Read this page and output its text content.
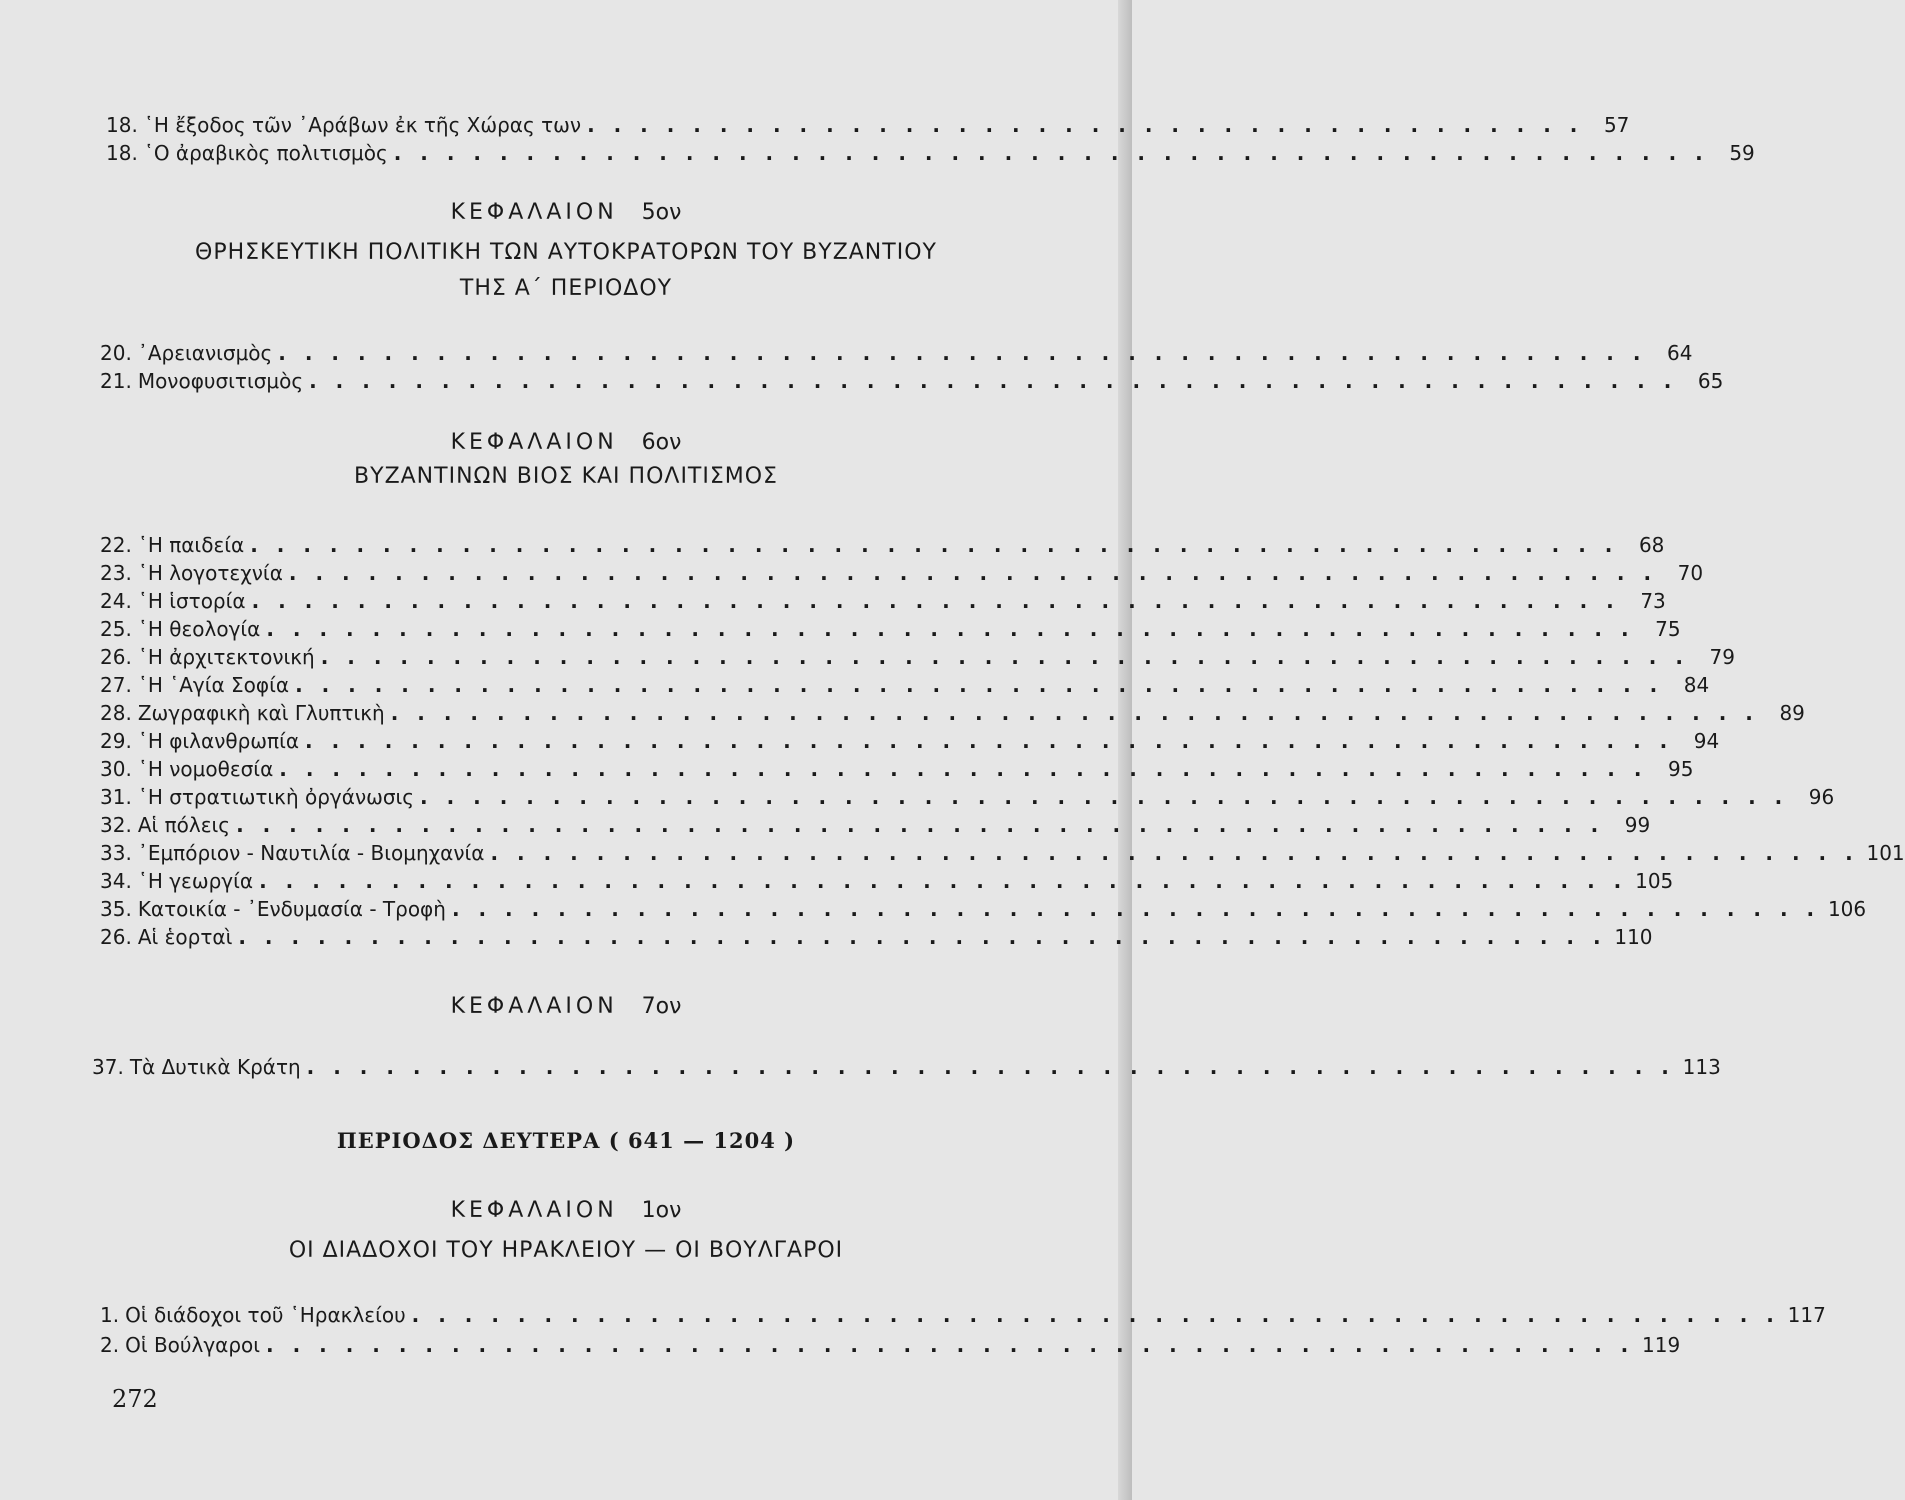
18. ῾Η ἔξοδος τῶν ᾽Αράβων ἐκ τῆς Χώρας των . . . . . . . . . . . . . . . . . . . . . . . . . . . . . . . . . . . . . .	57
18. ῾Ο ἀραβικὸς πολιτισμὸς . . . . . . . . . . . . . . . . . . . . . . . . . . . . . . . . . . . . . . . . . . . . . . . . . .	59
ΚΕΦΑΛΑΙΟΝ 5ον
ΘΡΗΣΚΕΥΤΙΚΗ ΠΟΛΙΤΙΚΗ ΤΩΝ ΑΥΤΟΚΡΑΤΟΡΩΝ ΤΟΥ ΒΥΖΑΝΤΙΟΥ
ΤΗΣ Α΄ ΠΕΡΙΟΔΟΥ
20. ᾽Αρειανισμὸς . . . . . . . . . . . . . . . . . . . . . . . . . . . . . . . . . . . . . . . . . . . . . . . . . . . .	64
21. Μονοφυσιτισμὸς . . . . . . . . . . . . . . . . . . . . . . . . . . . . . . . . . . . . . . . . . . . . . . . . . . . .	65
ΚΕΦΑΛΑΙΟΝ 6ον
ΒΥΖΑΝΤΙΝΩΝ ΒΙΟΣ ΚΑΙ ΠΟΛΙΤΙΣΜΟΣ
22. ῾Η παιδεία . . . . . . . . . . . . . . . . . . . . . . . . . . . . . . . . . . . . . . . . . . . . . . . . . . . .	68
23. ῾Η λογοτεχνία . . . . . . . . . . . . . . . . . . . . . . . . . . . . . . . . . . . . . . . . . . . . . . . . . . . .	70
24. ῾Η ἱστορία . . . . . . . . . . . . . . . . . . . . . . . . . . . . . . . . . . . . . . . . . . . . . . . . . . . .	73
25. ῾Η θεολογία . . . . . . . . . . . . . . . . . . . . . . . . . . . . . . . . . . . . . . . . . . . . . . . . . . . .	75
26. ῾Η ἀρχιτεκτονική . . . . . . . . . . . . . . . . . . . . . . . . . . . . . . . . . . . . . . . . . . . . . . . . . . . .	79
27. ῾Η ῾Αγία Σοφία . . . . . . . . . . . . . . . . . . . . . . . . . . . . . . . . . . . . . . . . . . . . . . . . . . . .	84
28. Ζωγραφικὴ καὶ Γλυπτικὴ . . . . . . . . . . . . . . . . . . . . . . . . . . . . . . . . . . . . . . . . . . . . . . . . . . . .	89
29. ῾Η φιλανθρωπία . . . . . . . . . . . . . . . . . . . . . . . . . . . . . . . . . . . . . . . . . . . . . . . . . . . .	94
30. ῾Η νομοθεσία . . . . . . . . . . . . . . . . . . . . . . . . . . . . . . . . . . . . . . . . . . . . . . . . . . . .	95
31. ῾Η στρατιωτικὴ ὀργάνωσις . . . . . . . . . . . . . . . . . . . . . . . . . . . . . . . . . . . . . . . . . . . . . . . . . . . .	96
32. Αἱ πόλεις . . . . . . . . . . . . . . . . . . . . . . . . . . . . . . . . . . . . . . . . . . . . . . . . . . . .	99
33. ᾽Εμπόριον - Ναυτιλία - Βιομηχανία . . . . . . . . . . . . . . . . . . . . . . . . . . . . . . . . . . . . . . . . . . . . . . . . . . . . 101
34. ῾Η γεωργία . . . . . . . . . . . . . . . . . . . . . . . . . . . . . . . . . . . . . . . . . . . . . . . . . . . . 105
35. Κατοικία - ᾽Ενδυμασία - Τροφὴ . . . . . . . . . . . . . . . . . . . . . . . . . . . . . . . . . . . . . . . . . . . . . . . . . . . . 106
26. Αἱ ἑορταὶ . . . . . . . . . . . . . . . . . . . . . . . . . . . . . . . . . . . . . . . . . . . . . . . . . . . . 110
ΚΕΦΑΛΑΙΟΝ 7ον
37. Τὰ Δυτικὰ Κράτη . . . . . . . . . . . . . . . . . . . . . . . . . . . . . . . . . . . . . . . . . . . . . . . . . . . . 113
ΠΕΡΙΟΔΟΣ ΔΕΥΤΕΡΑ ( 641 — 1204 )
ΚΕΦΑΛΑΙΟΝ 1ον
ΟΙ ΔΙΑΔΟΧΟΙ ΤΟΥ ΗΡΑΚΛΕΙΟΥ — ΟΙ ΒΟΥΛΓΑΡΟΙ
1. Οἱ διάδοχοι τοῦ ῾Ηρακλείου . . . . . . . . . . . . . . . . . . . . . . . . . . . . . . . . . . . . . . . . . . . . . . . . . . . . 117
2. Οἱ Βούλγαροι . . . . . . . . . . . . . . . . . . . . . . . . . . . . . . . . . . . . . . . . . . . . . . . . . . . . 119
272
